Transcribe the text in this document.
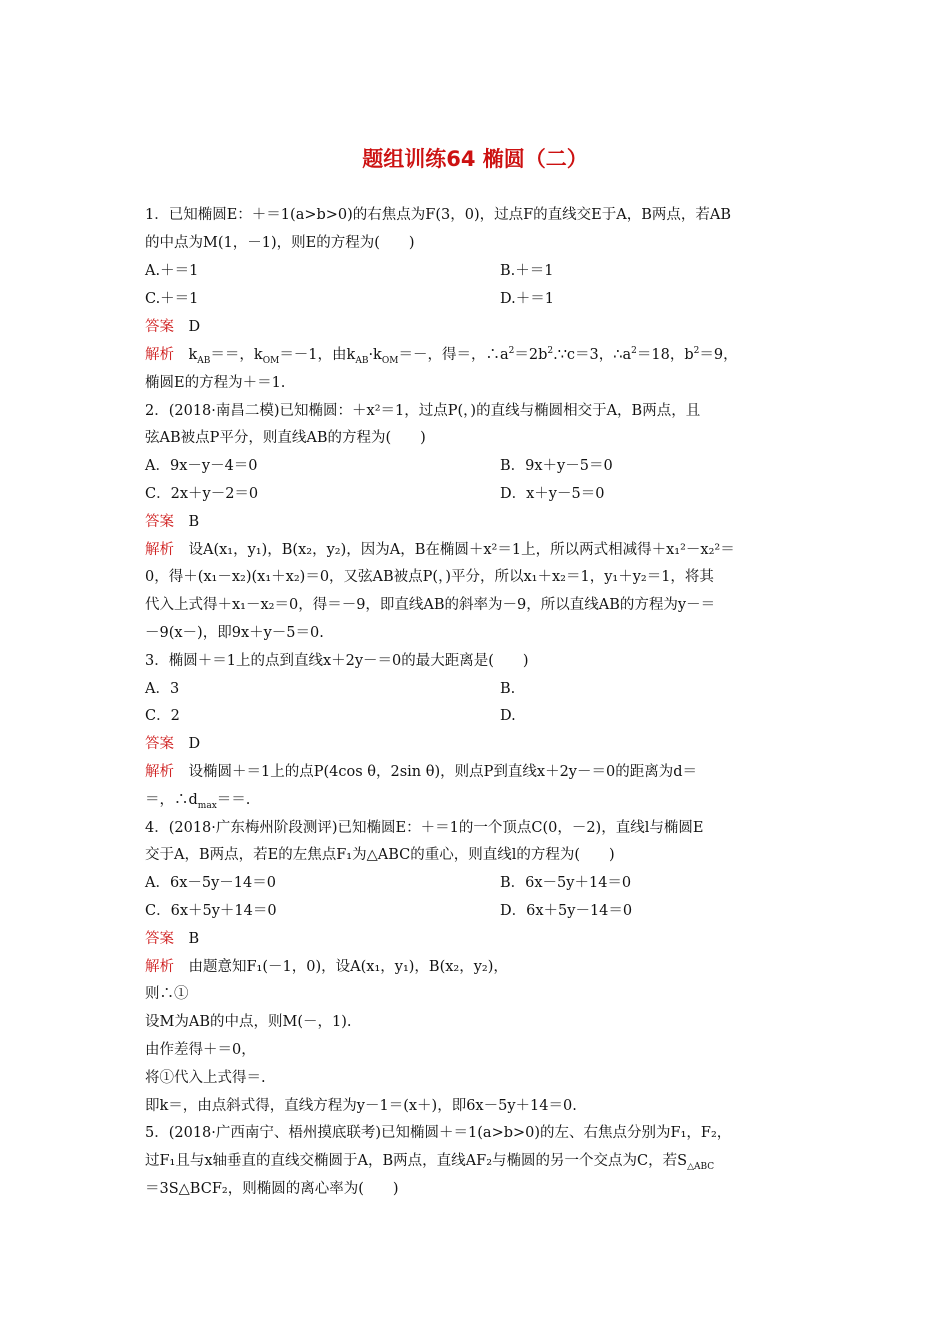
题组训练64 椭圆（二）
1．已知椭圆E：＋＝1(a>b>0)的右焦点为F(3，0)，过点F的直线交E于A，B两点，若AB
的中点为M(1，－1)，则E的方程为(　　)
A.＋＝1	B.＋＝1
C.＋＝1	D.＋＝1
答案　 D
解析　 $k_{AB}==$，$k_{OM}=-1$，由$k_{AB}\cdot k_{OM}=-$，得＝，$\therefore a^2=2b^2.\because c=3$，$\therefore a^2=18$，$b^2=9$，
椭圆E的方程为＋＝1.
2．(2018·南昌二模)已知椭圆：＋x²＝1，过点P(，)的直线与椭圆相交于A，B两点，且
弦AB被点P平分，则直线AB的方程为(　　)
A．9x－y－4＝0	B．9x＋y－5＝0
C．2x＋y－2＝0	D．x＋y－5＝0
答案　 B
解析　 设A(x₁，y₁)，B(x₂，y₂)，因为A，B在椭圆＋x²＝1上，所以两式相减得＋x₁²－x₂²＝
0，得＋(x₁－x₂)(x₁＋x₂)＝0，又弦AB被点P(，)平分，所以x₁＋x₂＝1，y₁＋y₂＝1，将其
代入上式得＋x₁－x₂＝0，得＝－9，即直线AB的斜率为－9，所以直线AB的方程为y－＝
－9(x－)，即9x＋y－5＝0.
3．椭圆＋＝1上的点到直线x＋2y－＝0的最大距离是(　　)
A．3	B.
C．2	D.
答案　 D
解析　 设椭圆＋＝1上的点P(4cos θ，2sin θ)，则点P到直线x＋2y－＝0的距离为d＝
＝，$\therefore d_{max}==$.
4．(2018·广东梅州阶段测评)已知椭圆E：＋＝1的一个顶点C(0，－2)，直线l与椭圆E
交于A，B两点，若E的左焦点F₁为△ABC的重心，则直线l的方程为(　　)
A．6x－5y－14＝0	B．6x－5y＋14＝0
C．6x＋5y＋14＝0	D．6x＋5y－14＝0
答案　 B
解析　 由题意知F₁(－1，0)，设A(x₁，y₁)，B(x₂，y₂)，
则∴①
设M为AB的中点，则M(－，1).
由作差得＋＝0，
将①代入上式得＝.
即k＝，由点斜式得，直线方程为y－1＝(x＋)，即6x－5y＋14＝0.
5．(2018·广西南宁、梧州摸底联考)已知椭圆＋＝1(a>b>0)的左、右焦点分别为F₁，F₂，
过F₁且与x轴垂直的直线交椭圆于A，B两点，直线AF₂与椭圆的另一个交点为C，若$S_{\triangle ABC}$
＝3S△BCF₂，则椭圆的离心率为(　　)
